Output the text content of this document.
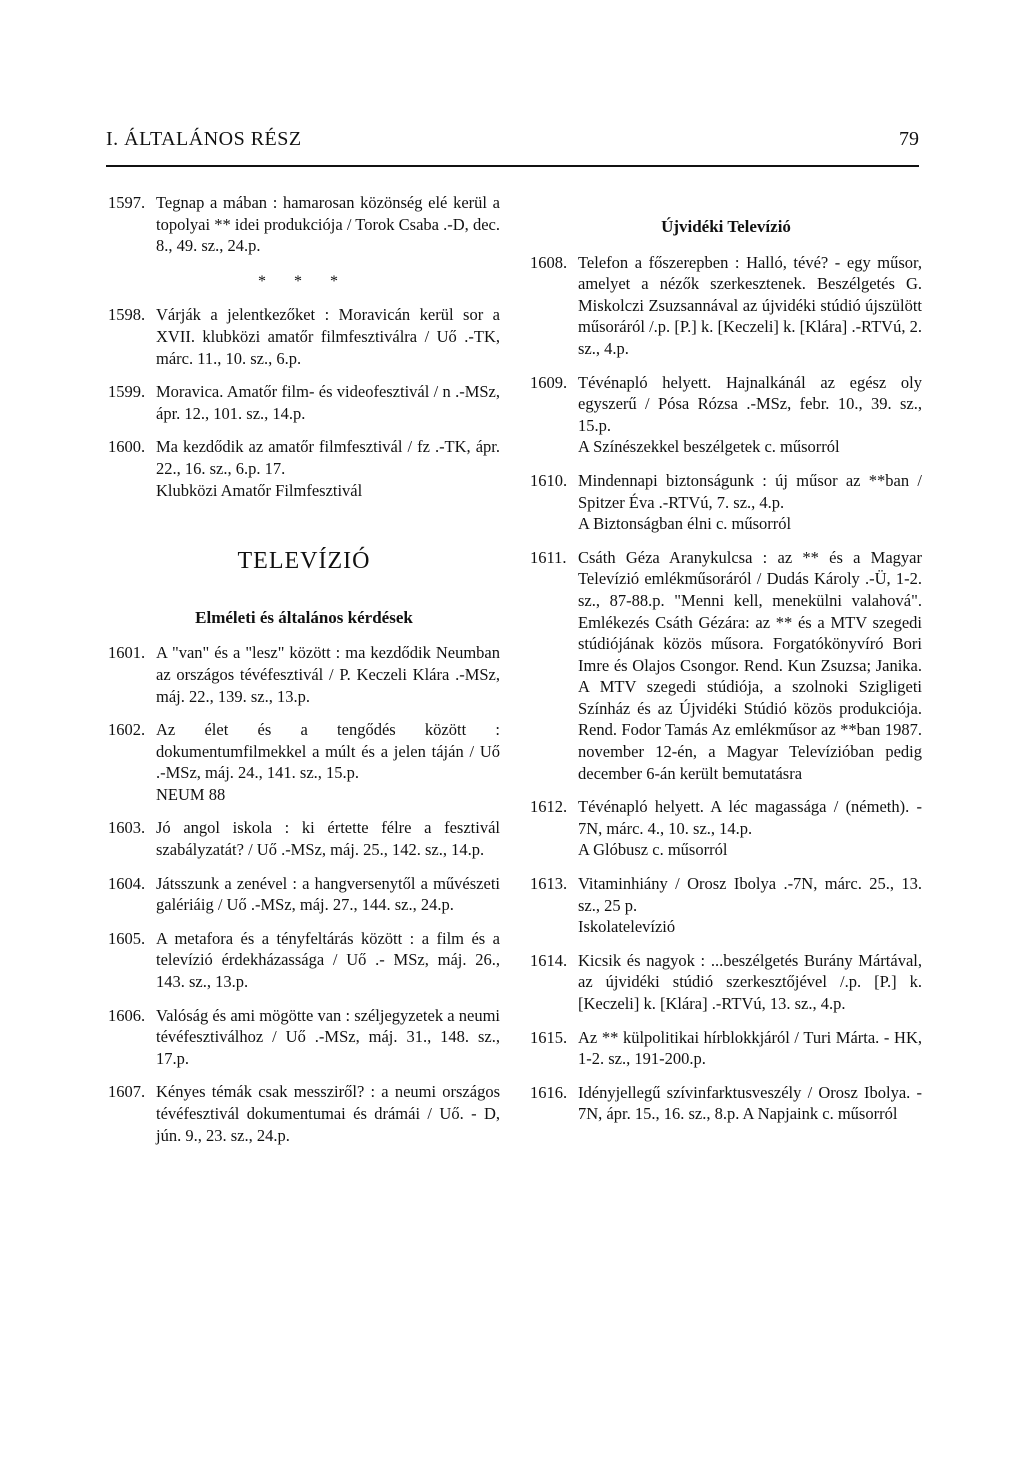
I. ÁLTALÁNOS RÉSZ	79
1597. Tegnap a mában : hamarosan közönség elé kerül a topolyai ** idei produkciója / Torok Csaba .-D, dec. 8., 49. sz., 24.p.
* * *
1598. Várják a jelentkezőket : Moravicán kerül sor a XVII. klubközi amatőr filmfesztiválra / Uő .-TK, márc. 11., 10. sz., 6.p.
1599. Moravica. Amatőr film- és videofesztivál / n .-MSz, ápr. 12., 101. sz., 14.p.
1600. Ma kezdődik az amatőr filmfesztivál / fz .-TK, ápr. 22., 16. sz., 6.p. 17.
Klubközi Amatőr Filmfesztivál
TELEVÍZIÓ
Elméleti és általános kérdések
1601. A "van" és a "lesz" között : ma kezdődik Neumban az országos tévéfesztivál / P. Keczeli Klára .-MSz, máj. 22., 139. sz., 13.p.
1602. Az élet és a tengődés között : dokumentumfilmekkel a múlt és a jelen táján / Uő .-MSz, máj. 24., 141. sz., 15.p.
NEUM 88
1603. Jó angol iskola : ki értette félre a fesztivál szabályzatát? / Uő .-MSz, máj. 25., 142. sz., 14.p.
1604. Játsszunk a zenével : a hangversenytől a művészeti galériáig / Uő .-MSz, máj. 27., 144. sz., 24.p.
1605. A metafora és a tényfeltárás között : a film és a televízió érdekházassága / Uő .- MSz, máj. 26., 143. sz., 13.p.
1606. Valóság és ami mögötte van : széljegyzetek a neumi tévéfesztiválhoz / Uő .-MSz, máj. 31., 148. sz., 17.p.
1607. Kényes témák csak messziről? : a neumi országos tévéfesztivál dokumentumai és drámái / Uő. - D, jún. 9., 23. sz., 24.p.
Újvidéki Televízió
1608. Telefon a főszerepben : Halló, tévé? - egy műsor, amelyet a nézők szerkesztenek. Beszélgetés G. Miskolczi Zsuzsannával az újvidéki stúdió újszülött műsoráról /.p. [P.] k. [Keczeli] k. [Klára] .-RTVú, 2. sz., 4.p.
1609. Tévénapló helyett. Hajnalkánál az egész oly egyszerű / Pósa Rózsa .-MSz, febr. 10., 39. sz., 15.p.
A Színészekkel beszélgetek c. műsorról
1610. Mindennapi biztonságunk : új műsor az **ban / Spitzer Éva .-RTVú, 7. sz., 4.p.
A Biztonságban élni c. műsorról
1611. Csáth Géza Aranykulcsa : az ** és a Magyar Televízió emlékműsoráról / Dudás Károly .-Ü, 1-2. sz., 87-88.p. "Menni kell, menekülni valahová". Emlékezés Csáth Gézára: az ** és a MTV szegedi stúdiójának közös műsora. Forgatókönyvíró Bori Imre és Olajos Csongor. Rend. Kun Zsuzsa; Janika. A MTV szegedi stúdiója, a szolnoki Szigligeti Színház és az Újvidéki Stúdió közös produkciója. Rend. Fodor Tamás Az emlékműsor az **ban 1987. november 12-én, a Magyar Televízióban pedig december 6-án került bemutatásra
1612. Tévénapló helyett. A léc magassága / (németh). - 7N, márc. 4., 10. sz., 14.p.
A Glóbusz c. műsorról
1613. Vitaminhiány / Orosz Ibolya .-7N, márc. 25., 13. sz., 25 p.
Iskolatelevízió
1614. Kicsik és nagyok : ...beszélgetés Burány Mártával, az újvidéki stúdió szerkesztőjével /.p. [P.] k. [Keczeli] k. [Klára] .-RTVú, 13. sz., 4.p.
1615. Az ** külpolitikai hírblokkjáról / Turi Márta. - HK, 1-2. sz., 191-200.p.
1616. Idényjellegű szívinfarktusveszély / Orosz Ibolya. - 7N, ápr. 15., 16. sz., 8.p. A Napjaink c. műsorról
